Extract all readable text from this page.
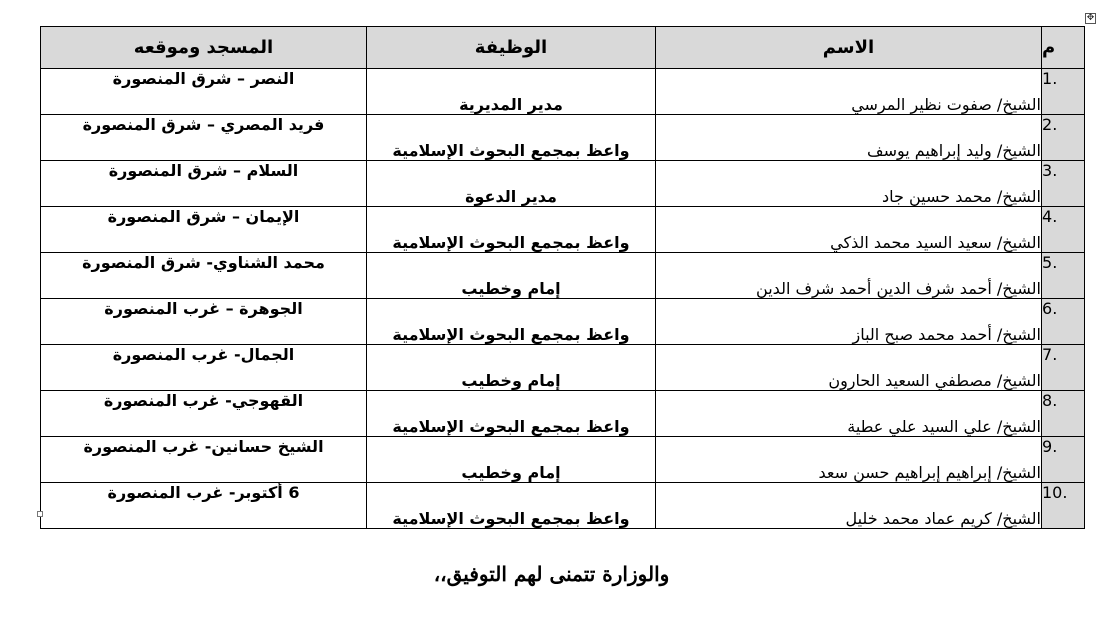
✥
م	الاسم	الوظيفة	المسجد وموقعه
.1	الشيخ/ صفوت نظير المرسي	مدير المديرية	النصر – شرق المنصورة
.2	الشيخ/ وليد إبراهيم يوسف	واعظ بمجمع البحوث الإسلامية	فريد المصري – شرق المنصورة
.3	الشيخ/ محمد حسين جاد	مدير الدعوة	السلام – شرق المنصورة
.4	الشيخ/ سعيد السيد محمد الذكي	واعظ بمجمع البحوث الإسلامية	الإيمان – شرق المنصورة
.5	الشيخ/ أحمد شرف الدين أحمد شرف الدين	إمام وخطيب	محمد الشناوي- شرق المنصورة
.6	الشيخ/ أحمد محمد صبح الباز	واعظ بمجمع البحوث الإسلامية	الجوهرة – غرب المنصورة
.7	الشيخ/ مصطفي السعيد الحارون	إمام وخطيب	الجمال- غرب المنصورة
.8	الشيخ/ علي السيد علي عطية	واعظ بمجمع البحوث الإسلامية	القهوجي- غرب المنصورة
.9	الشيخ/ إبراهيم إبراهيم حسن سعد	إمام وخطيب	الشيخ حسانين- غرب المنصورة
.10	الشيخ/ كريم عماد محمد خليل	واعظ بمجمع البحوث الإسلامية	6 أكتوبر- غرب المنصورة
والوزارة تتمنى لهم التوفيق،،
